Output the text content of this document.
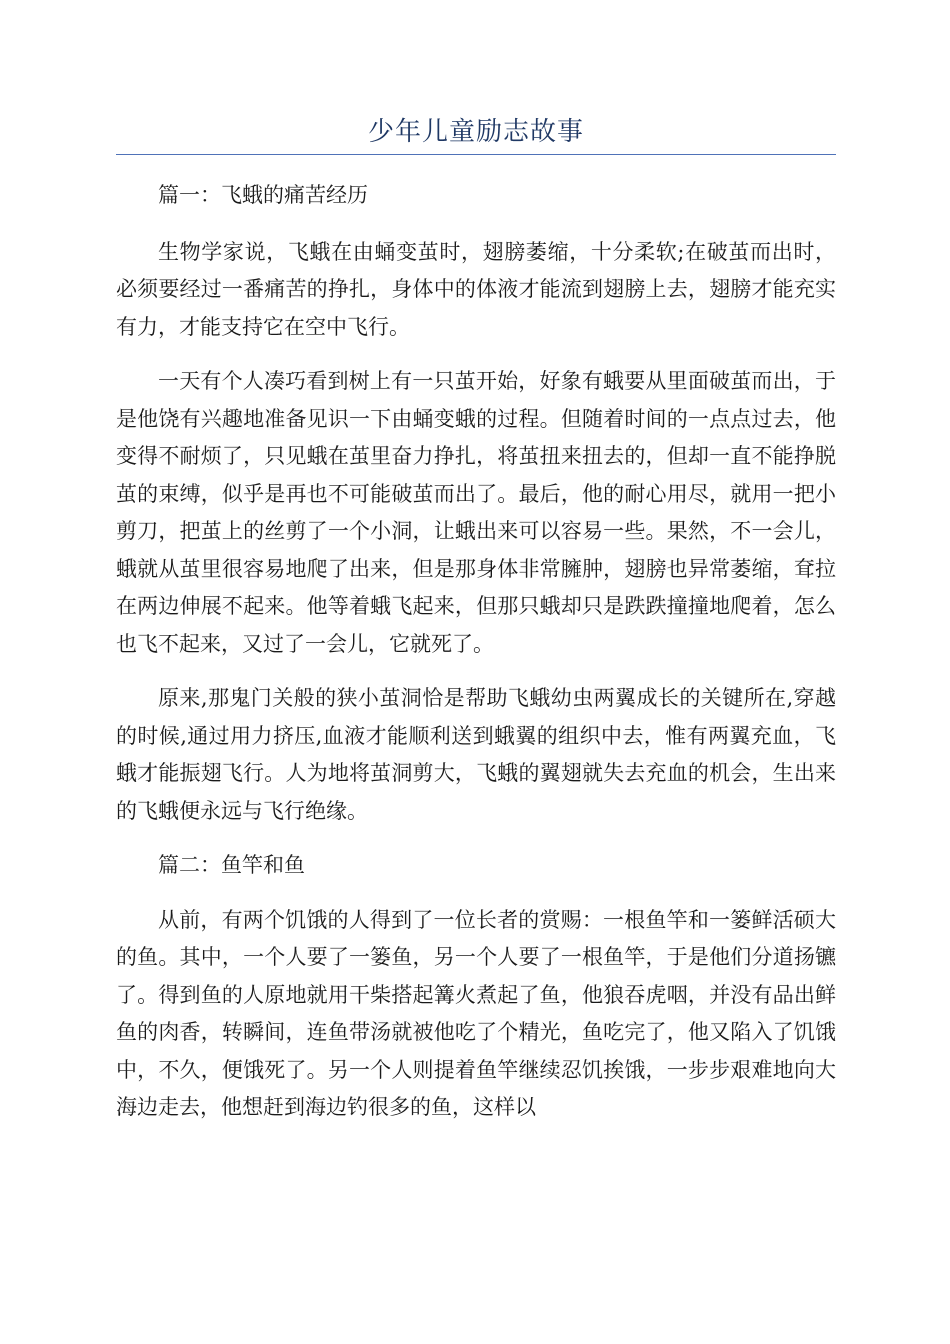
少年儿童励志故事

篇一：飞蛾的痛苦经历

生物学家说，飞蛾在由蛹变茧时，翅膀萎缩，十分柔软;在破茧而出时，必须要经过一番痛苦的挣扎，身体中的体液才能流到翅膀上去，翅膀才能充实有力，才能支持它在空中飞行。

一天有个人凑巧看到树上有一只茧开始，好象有蛾要从里面破茧而出，于是他饶有兴趣地准备见识一下由蛹变蛾的过程。但随着时间的一点点过去，他变得不耐烦了，只见蛾在茧里奋力挣扎，将茧扭来扭去的，但却一直不能挣脱茧的束缚，似乎是再也不可能破茧而出了。最后，他的耐心用尽，就用一把小剪刀，把茧上的丝剪了一个小洞，让蛾出来可以容易一些。果然，不一会儿，蛾就从茧里很容易地爬了出来，但是那身体非常臃肿，翅膀也异常萎缩，耷拉在两边伸展不起来。他等着蛾飞起来，但那只蛾却只是跌跌撞撞地爬着，怎么也飞不起来，又过了一会儿，它就死了。

原来,那鬼门关般的狭小茧洞恰是帮助飞蛾幼虫两翼成长的关键所在,穿越的时候,通过用力挤压,血液才能顺利送到蛾翼的组织中去，惟有两翼充血，飞蛾才能振翅飞行。人为地将茧洞剪大，飞蛾的翼翅就失去充血的机会，生出来的飞蛾便永远与飞行绝缘。

篇二：鱼竿和鱼

从前，有两个饥饿的人得到了一位长者的赏赐：一根鱼竿和一篓鲜活硕大的鱼。其中，一个人要了一篓鱼，另一个人要了一根鱼竿，于是他们分道扬镳了。得到鱼的人原地就用干柴搭起篝火煮起了鱼，他狼吞虎咽，并没有品出鲜鱼的肉香，转瞬间，连鱼带汤就被他吃了个精光，鱼吃完了，他又陷入了饥饿中，不久，便饿死了。另一个人则提着鱼竿继续忍饥挨饿，一步步艰难地向大海边走去，他想赶到海边钓很多的鱼，这样以
